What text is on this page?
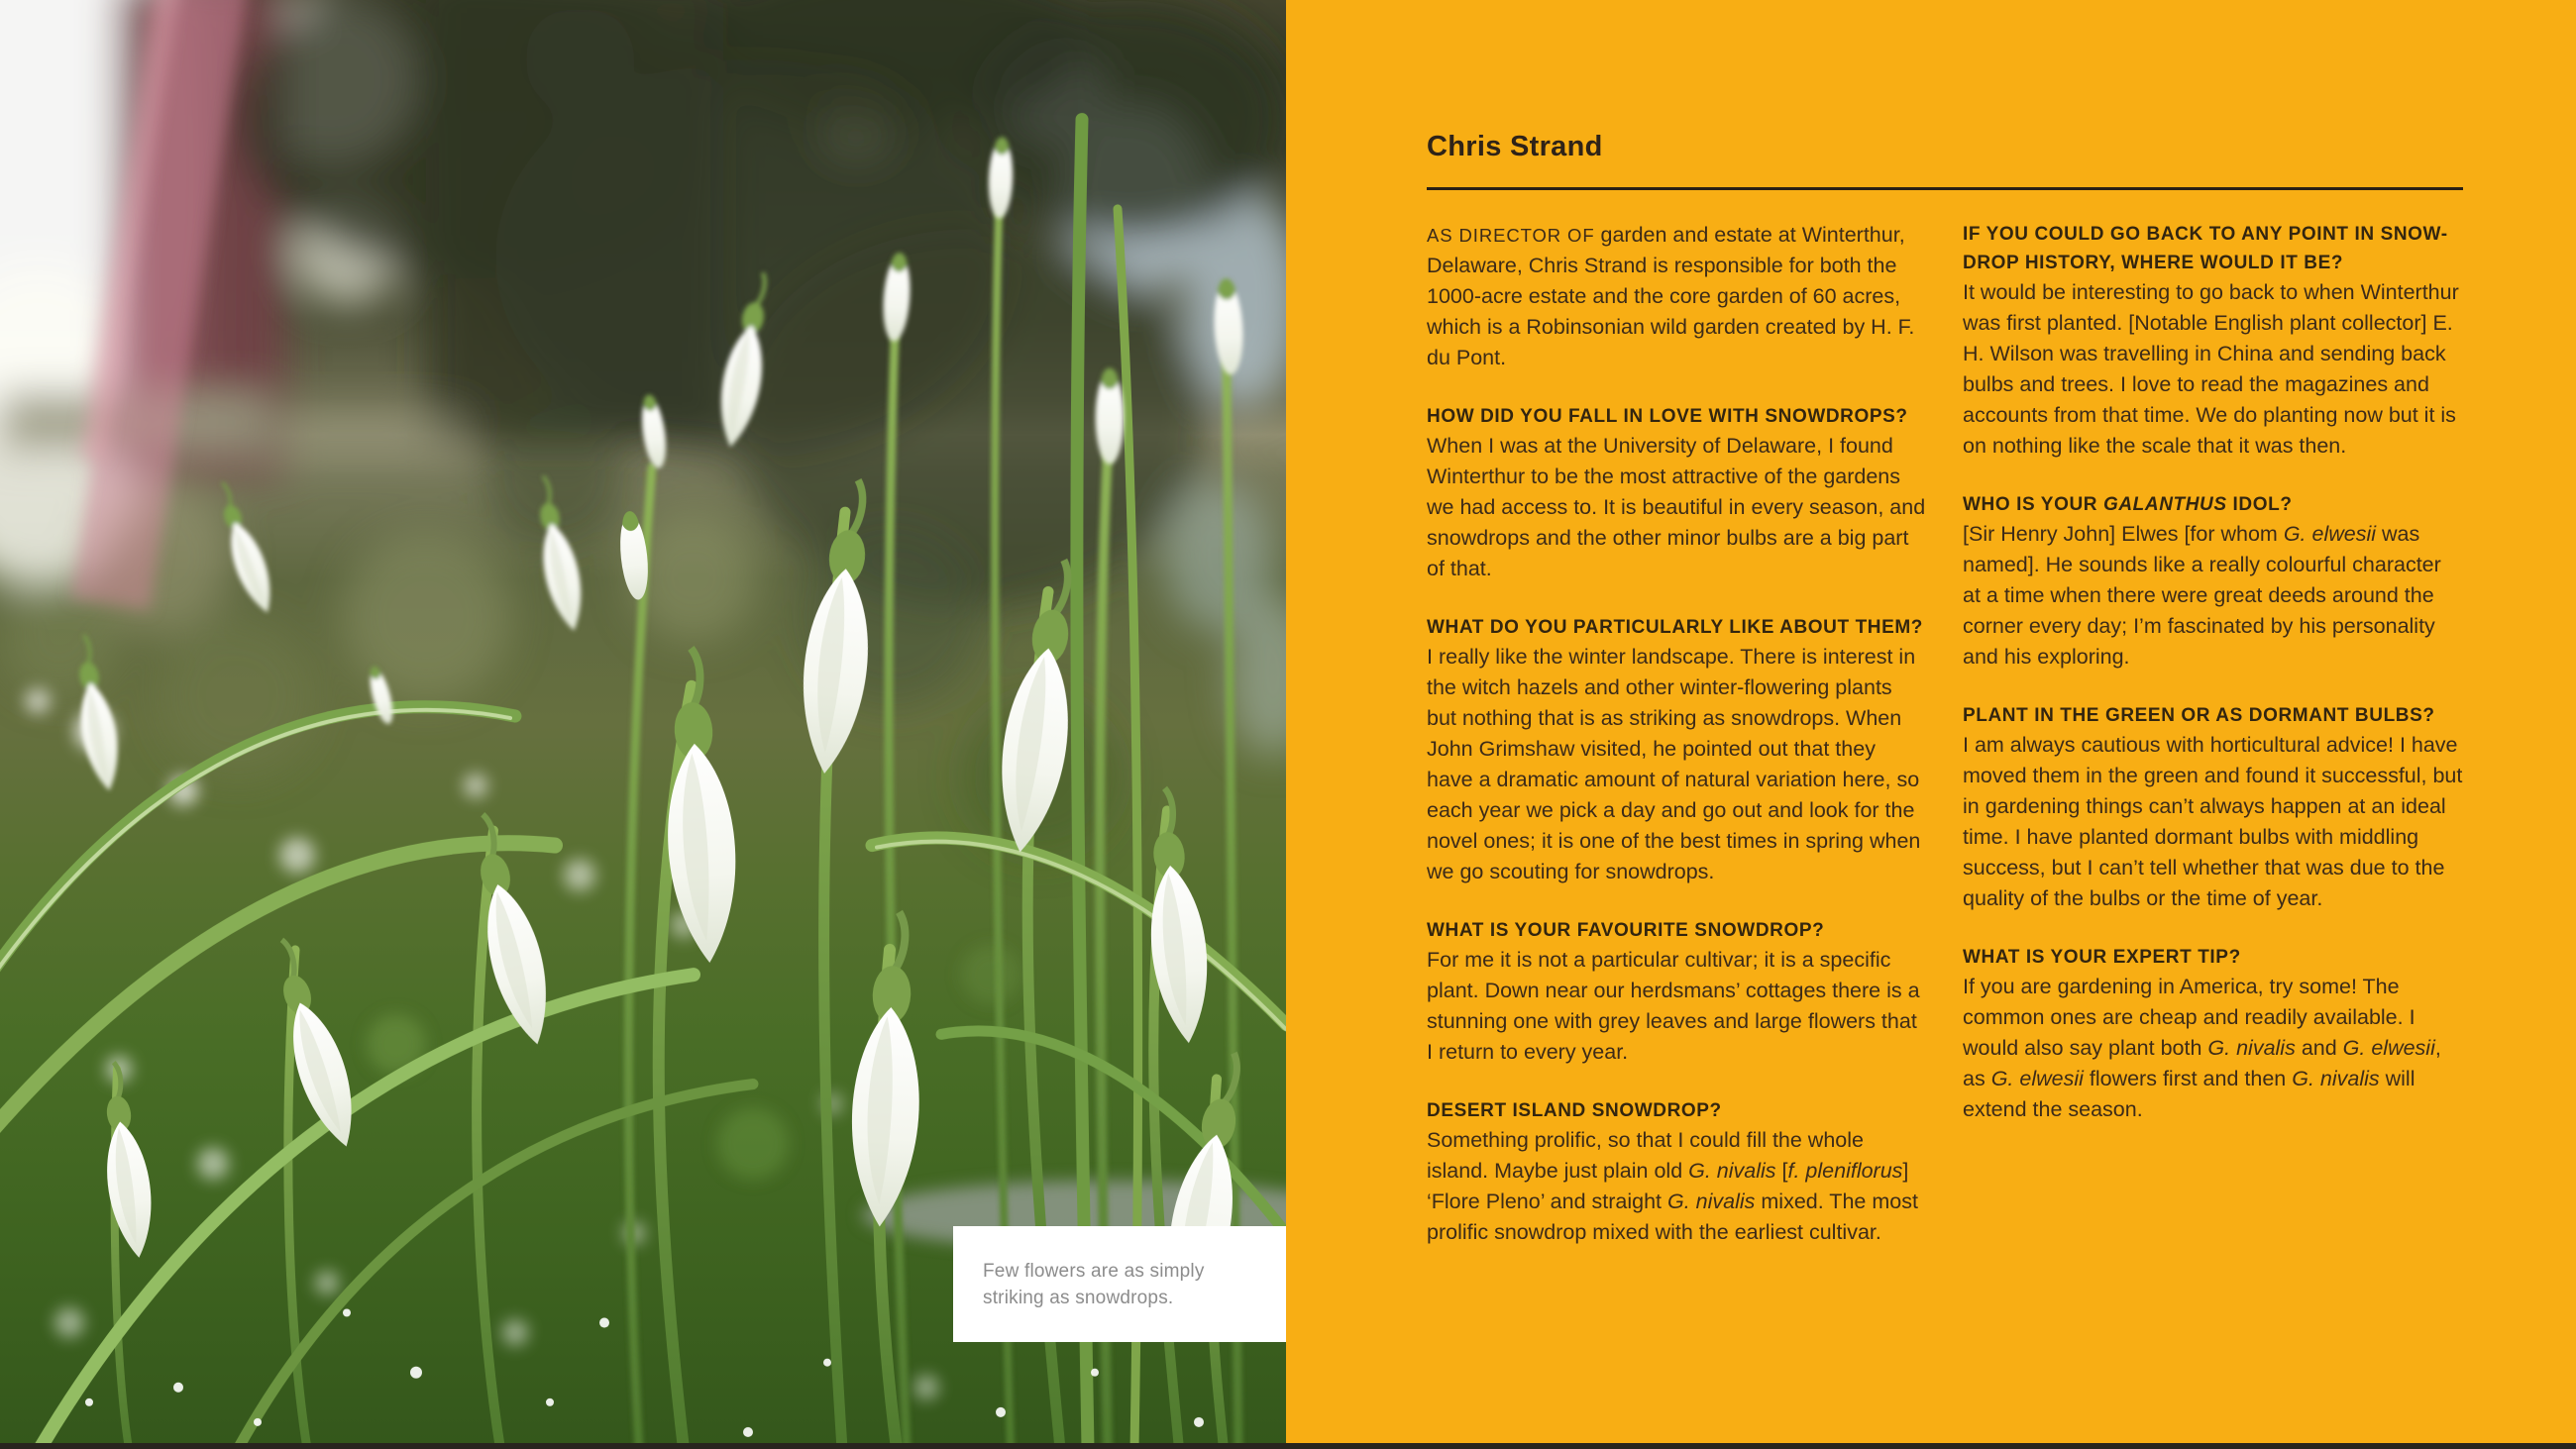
Few flowers are as simply striking as snowdrops.

Chris Strand

AS DIRECTOR OF garden and estate at Winterthur, Delaware, Chris Strand is responsible for both the 1000-acre estate and the core garden of 60 acres, which is a Robinsonian wild garden created by H. F. du Pont.

HOW DID YOU FALL IN LOVE WITH SNOWDROPS?

When I was at the University of Delaware, I found Winterthur to be the most attractive of the gardens we had access to. It is beautiful in every season, and snowdrops and the other minor bulbs are a big part of that.

WHAT DO YOU PARTICULARLY LIKE ABOUT THEM?

I really like the winter landscape. There is interest in the witch hazels and other winter-flowering plants but nothing that is as striking as snowdrops. When John Grimshaw visited, he pointed out that they have a dramatic amount of natural variation here, so each year we pick a day and go out and look for the novel ones; it is one of the best times in spring when we go scouting for snowdrops.

WHAT IS YOUR FAVOURITE SNOWDROP?

For me it is not a particular cultivar; it is a specific plant. Down near our herdsmans’ cottages there is a stunning one with grey leaves and large flowers that I return to every year.

DESERT ISLAND SNOWDROP?

Something prolific, so that I could fill the whole island. Maybe just plain old G. nivalis [f. pleniflorus] ‘Flore Pleno’ and straight G. nivalis mixed. The most prolific snowdrop mixed with the earliest cultivar.

IF YOU COULD GO BACK TO ANY POINT IN SNOW-DROP HISTORY, WHERE WOULD IT BE?

It would be interesting to go back to when Winterthur was first planted. [Notable English plant collector] E. H. Wilson was travelling in China and sending back bulbs and trees. I love to read the magazines and accounts from that time. We do planting now but it is on nothing like the scale that it was then.

WHO IS YOUR GALANTHUS IDOL?

[Sir Henry John] Elwes [for whom G. elwesii was named]. He sounds like a really colourful character at a time when there were great deeds around the corner every day; I’m fascinated by his personality and his exploring.

PLANT IN THE GREEN OR AS DORMANT BULBS?

I am always cautious with horticultural advice! I have moved them in the green and found it successful, but in gardening things can’t always happen at an ideal time. I have planted dormant bulbs with middling success, but I can’t tell whether that was due to the quality of the bulbs or the time of year.

WHAT IS YOUR EXPERT TIP?

If you are gardening in America, try some! The common ones are cheap and readily available. I would also say plant both G. nivalis and G. elwesii, as G. elwesii flowers first and then G. nivalis will extend the season.
